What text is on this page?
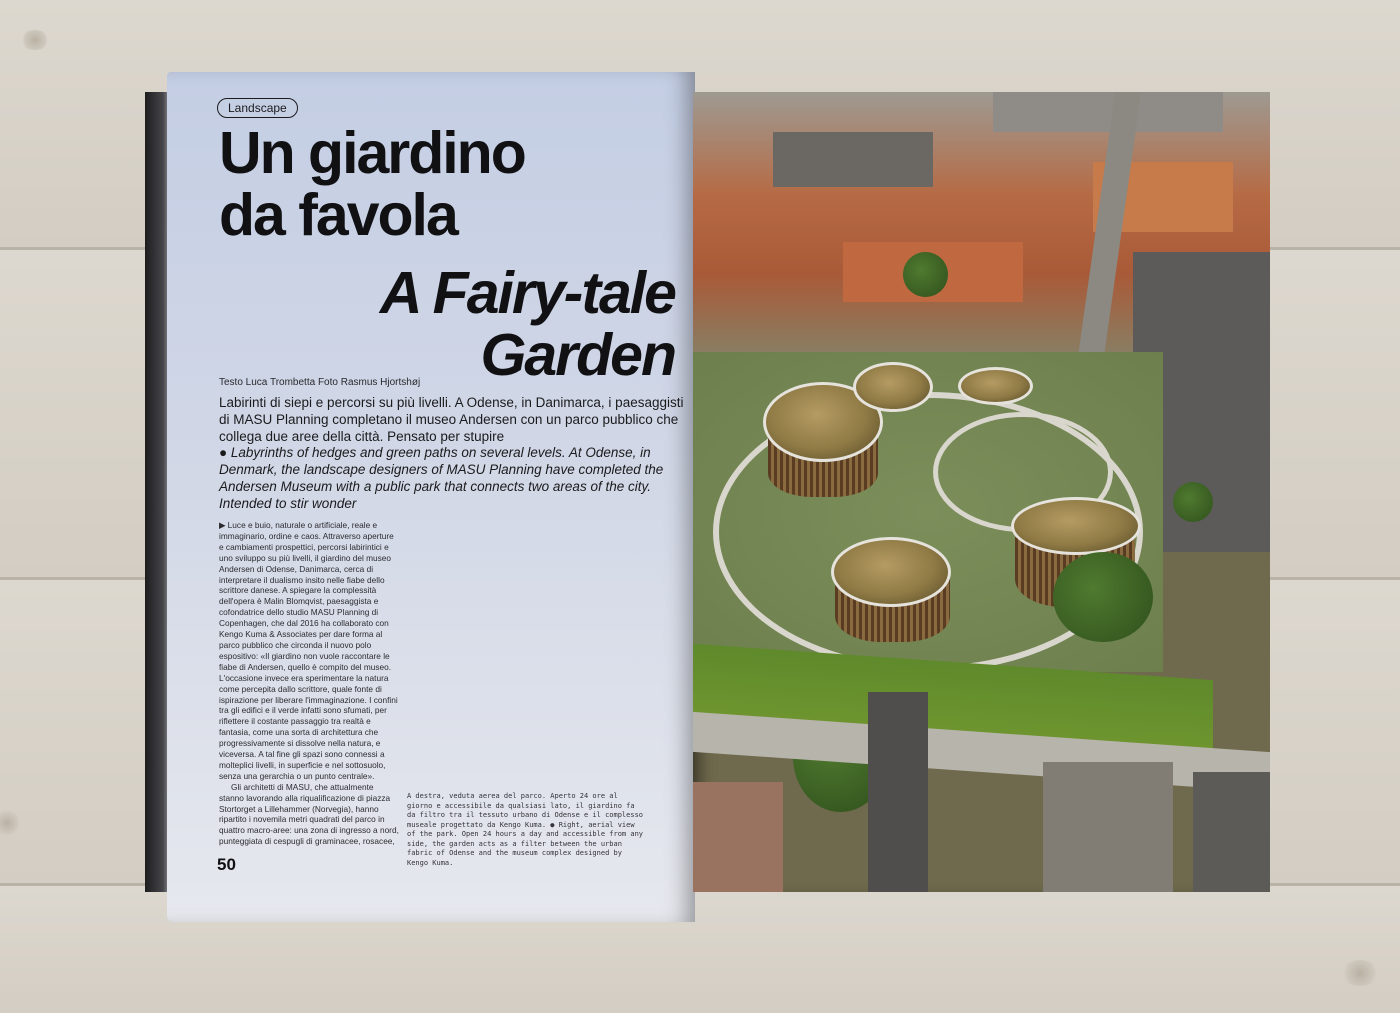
Landscape
Un giardino
da favola
A Fairy-tale
Garden
Testo Luca Trombetta Foto Rasmus Hjortshøj
Labirinti di siepi e percorsi su più livelli. A Odense, in Danimarca, i paesaggisti di MASU Planning completano il museo Andersen con un parco pubblico che collega due aree della città. Pensato per stupire
● Labyrinths of hedges and green paths on several levels. At Odense, in Denmark, the landscape designers of MASU Planning have completed the Andersen Museum with a public park that connects two areas of the city. Intended to stir wonder

▶ Luce e buio, naturale o artificiale, reale e immaginario, ordine e caos. Attraverso aperture e cambiamenti prospettici, percorsi labirintici e uno sviluppo su più livelli, il giardino del museo Andersen di Odense, Danimarca, cerca di interpretare il dualismo insito nelle fiabe dello scrittore danese. A spiegare la complessità dell'opera è Malin Blomqvist, paesaggista e cofondatrice dello studio MASU Planning di Copenhagen, che dal 2016 ha collaborato con Kengo Kuma & Associates per dare forma al parco pubblico che circonda il nuovo polo espositivo: «Il giardino non vuole raccontare le fiabe di Andersen, quello è compito del museo. L'occasione invece era sperimentare la natura come percepita dallo scrittore, quale fonte di ispirazione per liberare l'immaginazione. I confini tra gli edifici e il verde infatti sono sfumati, per riflettere il costante passaggio tra realtà e fantasia, come una sorta di architettura che progressivamente si dissolve nella natura, e viceversa. A tal fine gli spazi sono connessi a molteplici livelli, in superficie e nel sottosuolo, senza una gerarchia o un punto centrale».

Gli architetti di MASU, che attualmente stanno lavorando alla riqualificazione di piazza Stortorget a Lillehammer (Norvegia), hanno ripartito i novemila metri quadrati del parco in quattro macro-aree: una zona di ingresso a nord, punteggiata di cespugli di graminacee, rosacee,

A destra, veduta aerea del parco. Aperto 24 ore al giorno e accessibile da qualsiasi lato, il giardino fa da filtro tra il tessuto urbano di Odense e il complesso museale progettato da Kengo Kuma. ● Right, aerial view of the park. Open 24 hours a day and accessible from any side, the garden acts as a filter between the urban fabric of Odense and the museum complex designed by Kengo Kuma.
50
